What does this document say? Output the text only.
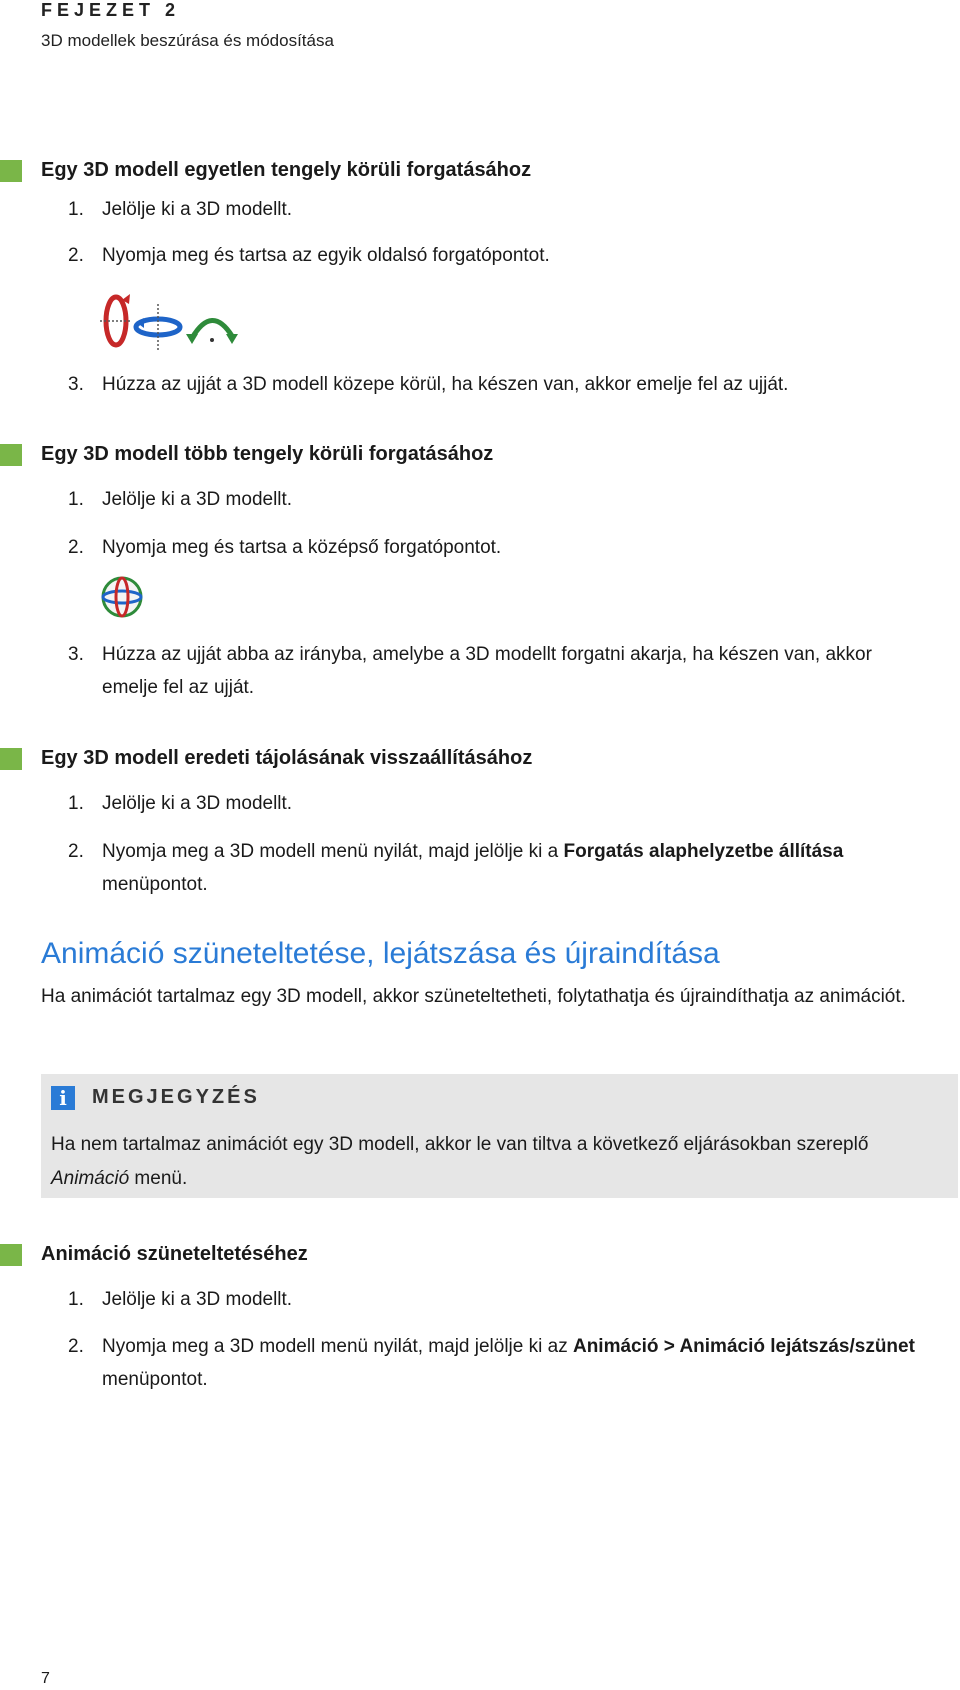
FEJEZET 2
3D modellek beszúrása és módosítása
Egy 3D modell egyetlen tengely körüli forgatásához
1. Jelölje ki a 3D modellt.
2. Nyomja meg és tartsa az egyik oldalsó forgatópontot.
3. Húzza az ujját a 3D modell közepe körül, ha készen van, akkor emelje fel az ujját.
Egy 3D modell több tengely körüli forgatásához
1. Jelölje ki a 3D modellt.
2. Nyomja meg és tartsa a középső forgatópontot.
3. Húzza az ujját abba az irányba, amelybe a 3D modellt forgatni akarja, ha készen van, akkor emelje fel az ujját.
Egy 3D modell eredeti tájolásának visszaállításához
1. Jelölje ki a 3D modellt.
2. Nyomja meg a 3D modell menü nyilát, majd jelölje ki a Forgatás alaphelyzetbe állítása menüpontot.
Animáció szüneteltetése, lejátszása és újraindítása
Ha animációt tartalmaz egy 3D modell, akkor szüneteltetheti, folytathatja és újraindíthatja az animációt.
i	MEGJEGYZÉS
Ha nem tartalmaz animációt egy 3D modell, akkor le van tiltva a következő eljárásokban szereplő Animáció menü.
Animáció szüneteltetéséhez
1. Jelölje ki a 3D modellt.
2. Nyomja meg a 3D modell menü nyilát, majd jelölje ki az Animáció > Animáció lejátszás/szünet menüpontot.
7
